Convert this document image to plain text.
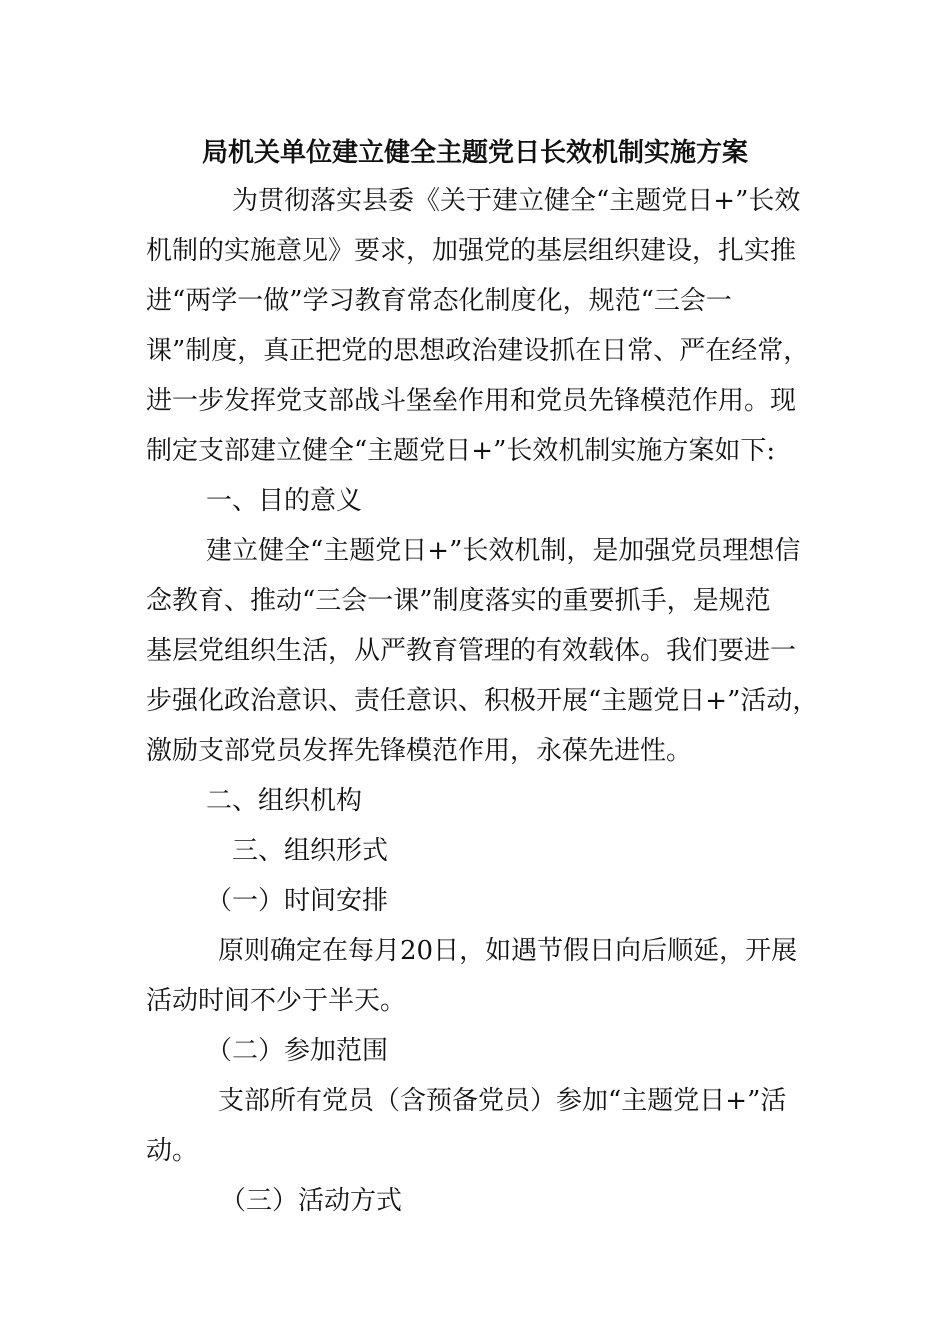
局机关单位建立健全主题党日长效机制实施方案
为贯彻落实县委《关于建立健全“主题党日+”长效
机制的实施意见》要求，加强党的基层组织建设，扎实推
进“两学一做”学习教育常态化制度化，规范“三会一
课”制度，真正把党的思想政治建设抓在日常、严在经常，
进一步发挥党支部战斗堡垒作用和党员先锋模范作用。现
制定支部建立健全“主题党日+”长效机制实施方案如下:
一、目的意义
建立健全“主题党日+”长效机制，是加强党员理想信
念教育、推动“三会一课”制度落实的重要抓手，是规范
基层党组织生活，从严教育管理的有效载体。我们要进一
步强化政治意识、责任意识、积极开展“主题党日+”活动，
激励支部党员发挥先锋模范作用，永葆先进性。
二、组织机构
三、组织形式
（一）时间安排
原则确定在每月20日，如遇节假日向后顺延，开展
活动时间不少于半天。
（二）参加范围
支部所有党员（含预备党员）参加“主题党日+”活
动。
（三）活动方式
